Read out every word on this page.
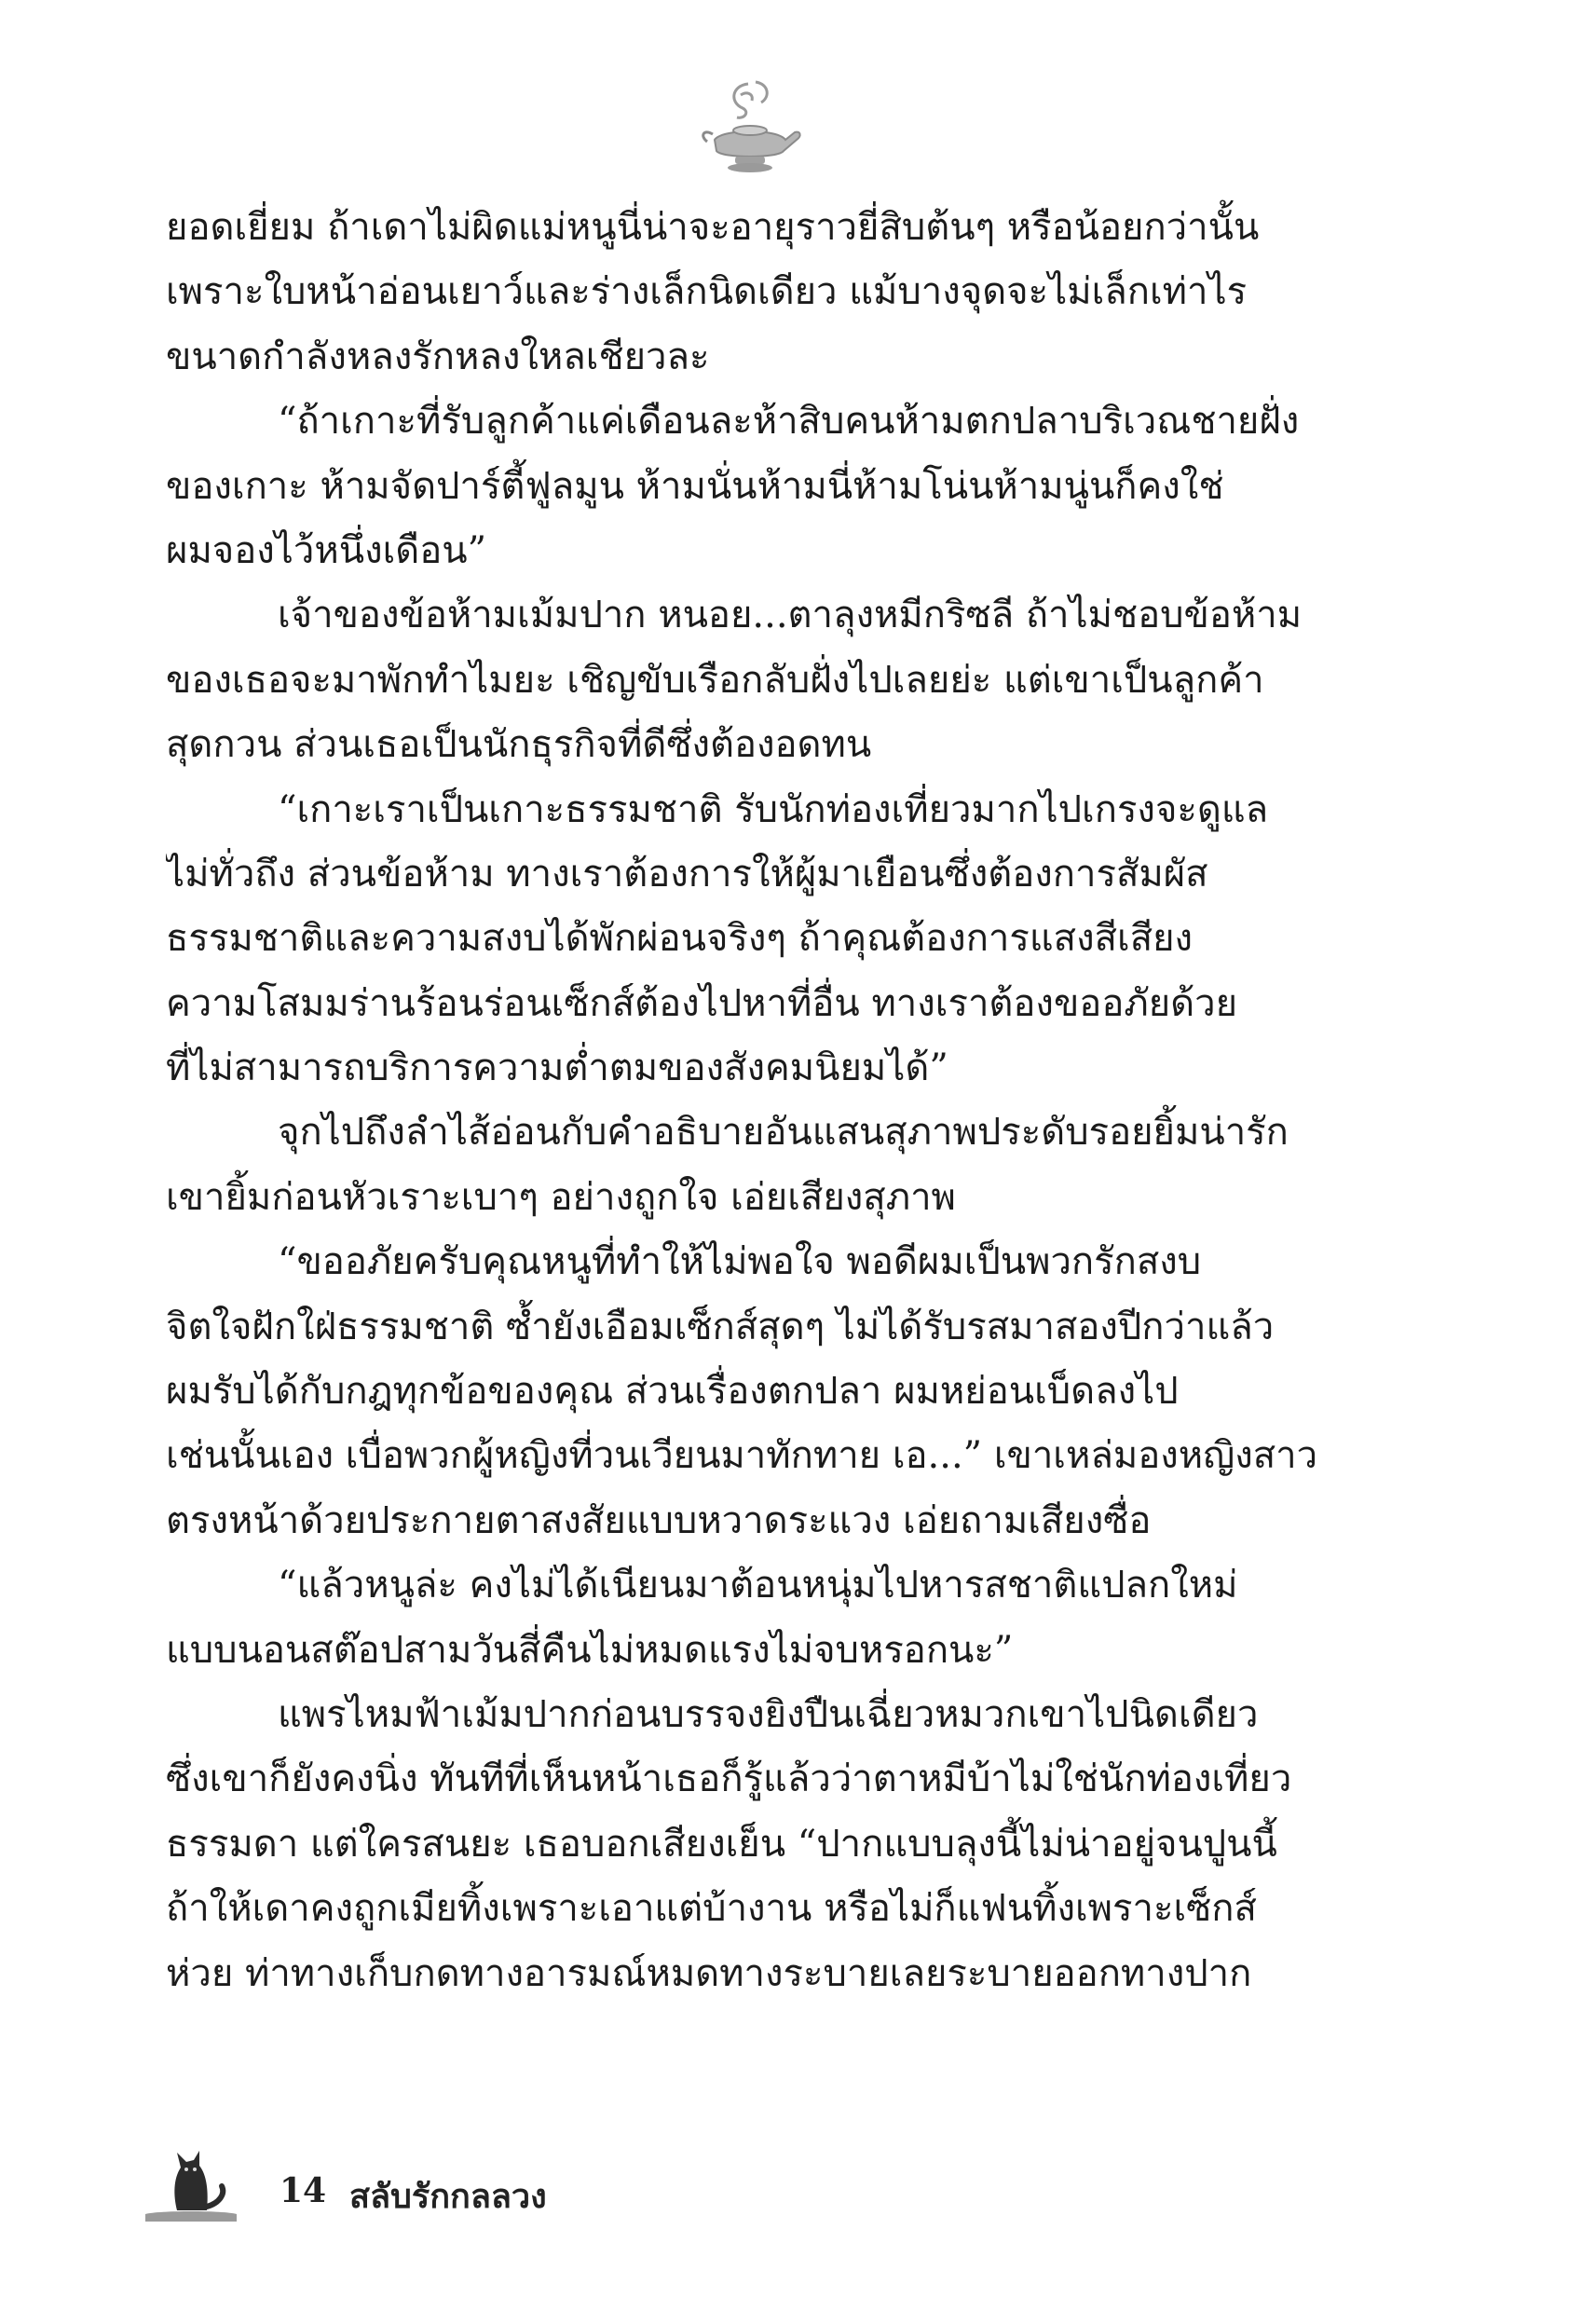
ยอดเยี่ยม ถ้าเดาไม่ผิดแม่หนูนี่น่าจะอายุราวยี่สิบต้นๆ หรือน้อยกว่านั้น
เพราะใบหน้าอ่อนเยาว์และร่างเล็กนิดเดียว แม้บางจุดจะไม่เล็กเท่าไร
ขนาดกำลังหลงรักหลงใหลเชียวละ
“ถ้าเกาะที่รับลูกค้าแค่เดือนละห้าสิบคนห้ามตกปลาบริเวณชายฝั่ง
ของเกาะ ห้ามจัดปาร์ตี้ฟูลมูน ห้ามนั่นห้ามนี่ห้ามโน่นห้ามนู่นก็คงใช่
ผมจองไว้หนึ่งเดือน”
เจ้าของข้อห้ามเม้มปาก หนอย...ตาลุงหมีกริซลี ถ้าไม่ชอบข้อห้าม
ของเธอจะมาพักทำไมยะ เชิญขับเรือกลับฝั่งไปเลยย่ะ แต่เขาเป็นลูกค้า
สุดกวน ส่วนเธอเป็นนักธุรกิจที่ดีซึ่งต้องอดทน
“เกาะเราเป็นเกาะธรรมชาติ รับนักท่องเที่ยวมากไปเกรงจะดูแล
ไม่ทั่วถึง ส่วนข้อห้าม ทางเราต้องการให้ผู้มาเยือนซึ่งต้องการสัมผัส
ธรรมชาติและความสงบได้พักผ่อนจริงๆ ถ้าคุณต้องการแสงสีเสียง
ความโสมมร่านร้อนร่อนเซ็กส์ต้องไปหาที่อื่น ทางเราต้องขออภัยด้วย
ที่ไม่สามารถบริการความต่ำตมของสังคมนิยมได้”
จุกไปถึงลำไส้อ่อนกับคำอธิบายอันแสนสุภาพประดับรอยยิ้มน่ารัก
เขายิ้มก่อนหัวเราะเบาๆ อย่างถูกใจ เอ่ยเสียงสุภาพ
“ขออภัยครับคุณหนูที่ทำให้ไม่พอใจ พอดีผมเป็นพวกรักสงบ
จิตใจฝักใฝ่ธรรมชาติ ซ้ำยังเอือมเซ็กส์สุดๆ ไม่ได้รับรสมาสองปีกว่าแล้ว
ผมรับได้กับกฎทุกข้อของคุณ ส่วนเรื่องตกปลา ผมหย่อนเบ็ดลงไป
เช่นนั้นเอง เบื่อพวกผู้หญิงที่วนเวียนมาทักทาย เอ...” เขาเหล่มองหญิงสาว
ตรงหน้าด้วยประกายตาสงสัยแบบหวาดระแวง เอ่ยถามเสียงซื่อ
“แล้วหนูล่ะ คงไม่ได้เนียนมาต้อนหนุ่มไปหารสชาติแปลกใหม่
แบบนอนสต๊อปสามวันสี่คืนไม่หมดแรงไม่จบหรอกนะ”
แพรไหมฟ้าเม้มปากก่อนบรรจงยิงปืนเฉี่ยวหมวกเขาไปนิดเดียว
ซึ่งเขาก็ยังคงนิ่ง ทันทีที่เห็นหน้าเธอก็รู้แล้วว่าตาหมีบ้าไม่ใช่นักท่องเที่ยว
ธรรมดา แต่ใครสนยะ เธอบอกเสียงเย็น “ปากแบบลุงนี้ไม่น่าอยู่จนปูนนี้
ถ้าให้เดาคงถูกเมียทิ้งเพราะเอาแต่บ้างาน หรือไม่ก็แฟนทิ้งเพราะเซ็กส์
ห่วย ท่าทางเก็บกดทางอารมณ์หมดทางระบายเลยระบายออกทางปาก
14 สลับรักกลลวง
